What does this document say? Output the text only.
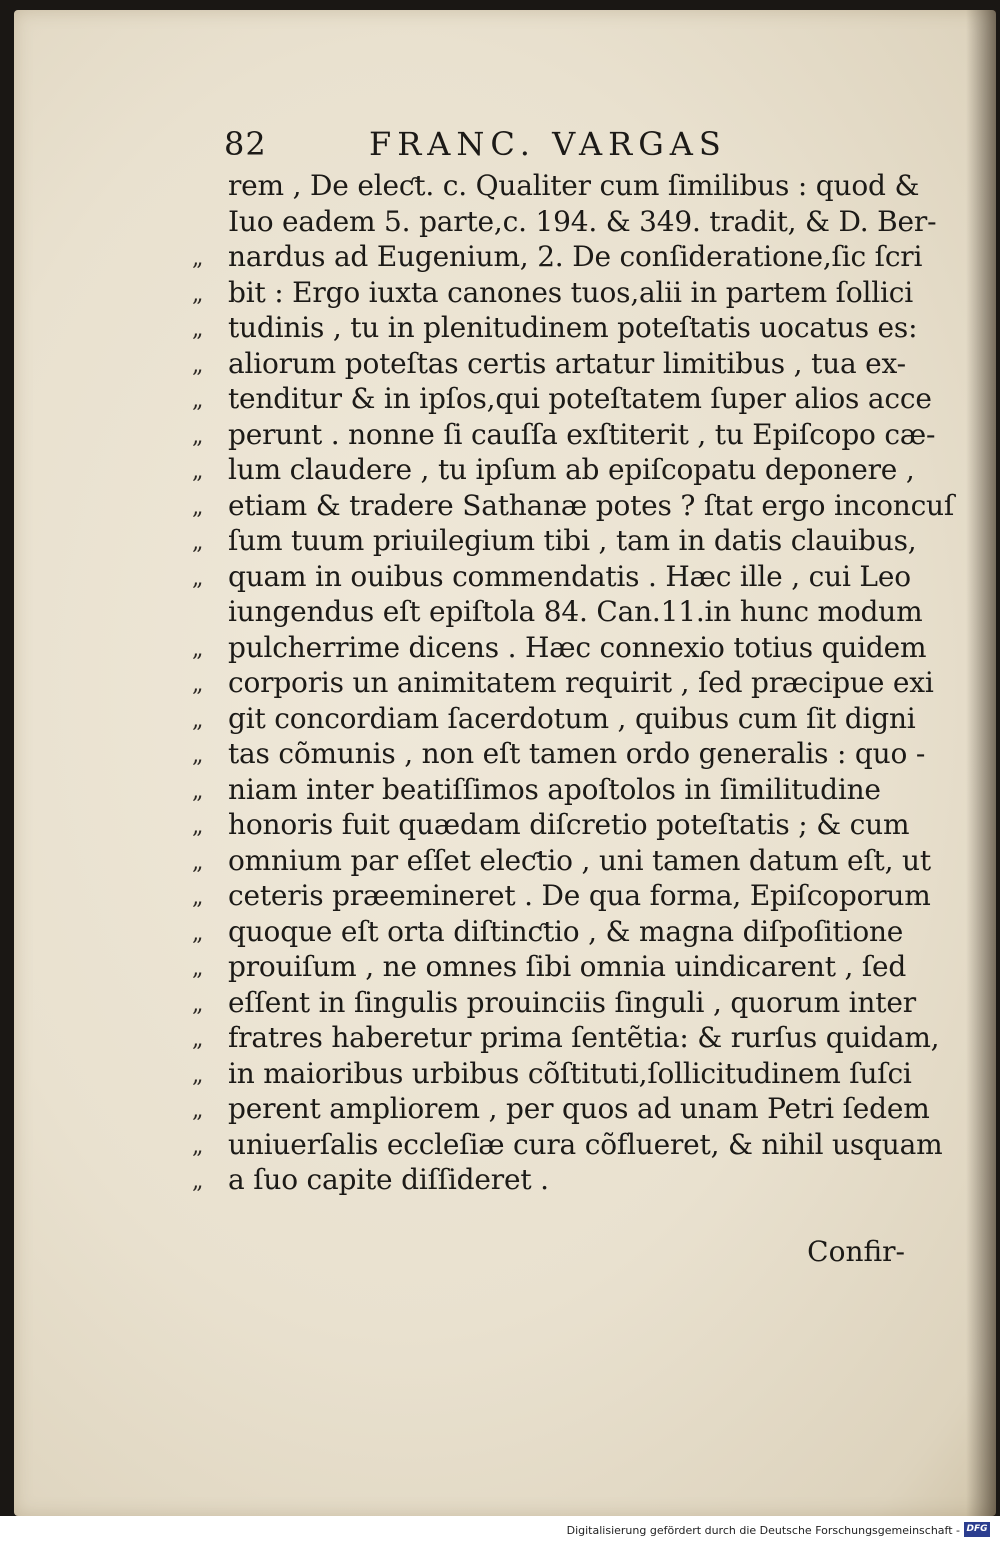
82	FRANC. VARGAS
rem , De eleƈt. c. Qualiter cum ſimilibus : quod &
Iuo eadem 5. parte,c. 194. & 349. tradit, & D. Ber-
„ nardus ad Eugenium, 2. De conſideratione,ſic ſcri
„ bit : Ergo iuxta canones tuos,alii in partem ſollici
„ tudinis , tu in plenitudinem poteſtatis uocatus es:
„ aliorum poteſtas certis artatur limitibus , tua ex-
„ tenditur & in ipſos,qui poteſtatem ſuper alios acce
„ perunt . nonne ſi cauſſa exſtiterit , tu Epiſcopo cæ-
„ lum claudere , tu ipſum ab epiſcopatu deponere ,
„ etiam & tradere Sathanæ potes ? ſtat ergo inconcuſ
„ ſum tuum priuilegium tibi , tam in datis clauibus,
„ quam in ouibus commendatis . Hæc ille , cui Leo
iungendus eſt epiſtola 84. Can.11.in hunc modum
„ pulcherrime dicens . Hæc connexio totius quidem
„ corporis un animitatem requirit , ſed præcipue exi
„ git concordiam ſacerdotum , quibus cum ſit digni
„ tas cõmunis , non eſt tamen ordo generalis : quo -
„ niam inter beatiſſimos apoſtolos in ſimilitudine
„ honoris fuit quædam diſcretio poteſtatis ; & cum
„ omnium par eſſet eleƈtio , uni tamen datum eſt, ut
„ ceteris præemineret . De qua forma, Epiſcoporum
„ quoque eſt orta diſtinƈtio , & magna diſpoſitione
„ prouiſum , ne omnes ſibi omnia uindicarent , ſed
„ eſſent in ſingulis prouinciis ſinguli , quorum inter
„ fratres haberetur prima ſentẽtia: & rurſus quidam,
„ in maioribus urbibus cõſtituti,ſollicitudinem ſuſci
„ perent ampliorem , per quos ad unam Petri ſedem
„ uniuerſalis eccleſiæ cura cõflueret, & nihil usquam
„ a ſuo capite diſſideret .
Confir-
Digitalisierung gefördert durch die Deutsche Forschungsgemeinschaft - DFG
